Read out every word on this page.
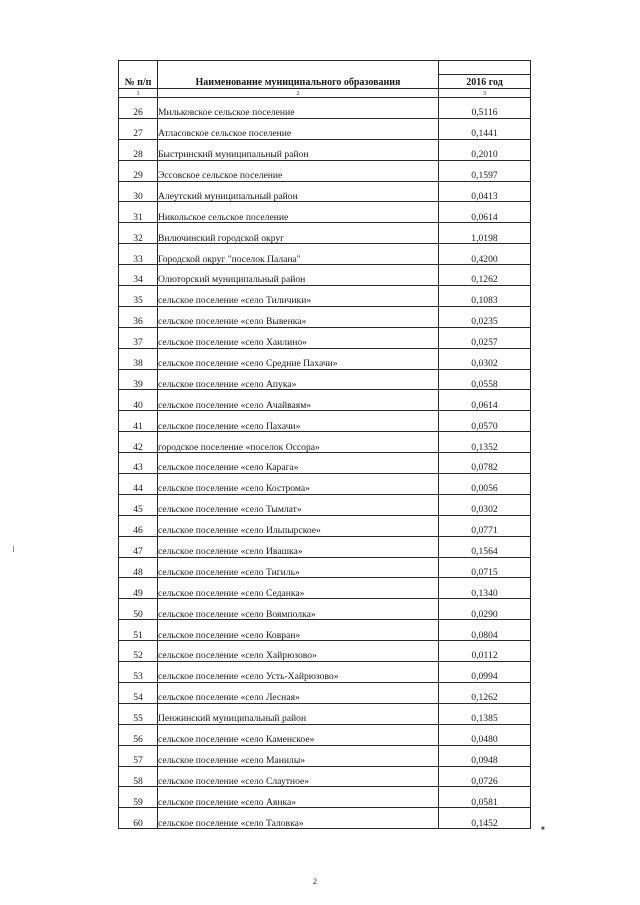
№ п/п	Наименование муниципального образования	
		2016 год
1	2	3
26	Мильковское сельское поселение	0,5116
27	Атласовское сельское поселение	0,1441
28	Быстринский муниципальный район	0,2010
29	Эссовское сельское поселение	0,1597
30	Алеутский муниципальный район	0,0413
31	Никольское сельское поселение	0,0614
32	Вилючинский городской округ	1,0198
33	Городской округ "поселок Палана"	0,4200
34	Олюторский муниципальный район	0,1262
35	сельское поселение «село Тиличики»	0,1083
36	сельское поселение «село Вывенка»	0,0235
37	сельское поселение «село Хаилино»	0,0257
38	сельское поселение «село Средние Пахачи»	0,0302
39	сельское поселение «село Апука»	0,0558
40	сельское поселение «село Ачайваям»	0,0614
41	сельское поселение «село Пахачи»	0,0570
42	городское поселение «поселок Оссора»	0,1352
43	сельское поселение «село Карага»	0,0782
44	сельское поселение «село Кострома»	0,0056
45	сельское поселение «село Тымлат»	0,0302
46	сельское поселение «село Ильпырское»	0,0771
47	сельское поселение «село Ивашка»	0,1564
48	сельское поселение «село Тигиль»	0,0715
49	сельское поселение «село Седанка»	0,1340
50	сельское поселение «село Воямполка»	0,0290
51	сельское поселение «село Ковран»	0,0804
52	сельское поселение «село Хайрюзово»	0,0112
53	сельское поселение «село Усть-Хайрюзово»	0,0994
54	сельское поселение «село Лесная»	0,1262
55	Пенжинский муниципальный район	0,1385
56	сельское поселение «село Каменское»	0,0480
57	сельское поселение «село Манилы»	0,0948
58	сельское поселение «село Слаутное»	0,0726
59	сельское поселение «село Аянка»	0,0581
60	сельское поселение «село Таловка»	0,1452
■
2
